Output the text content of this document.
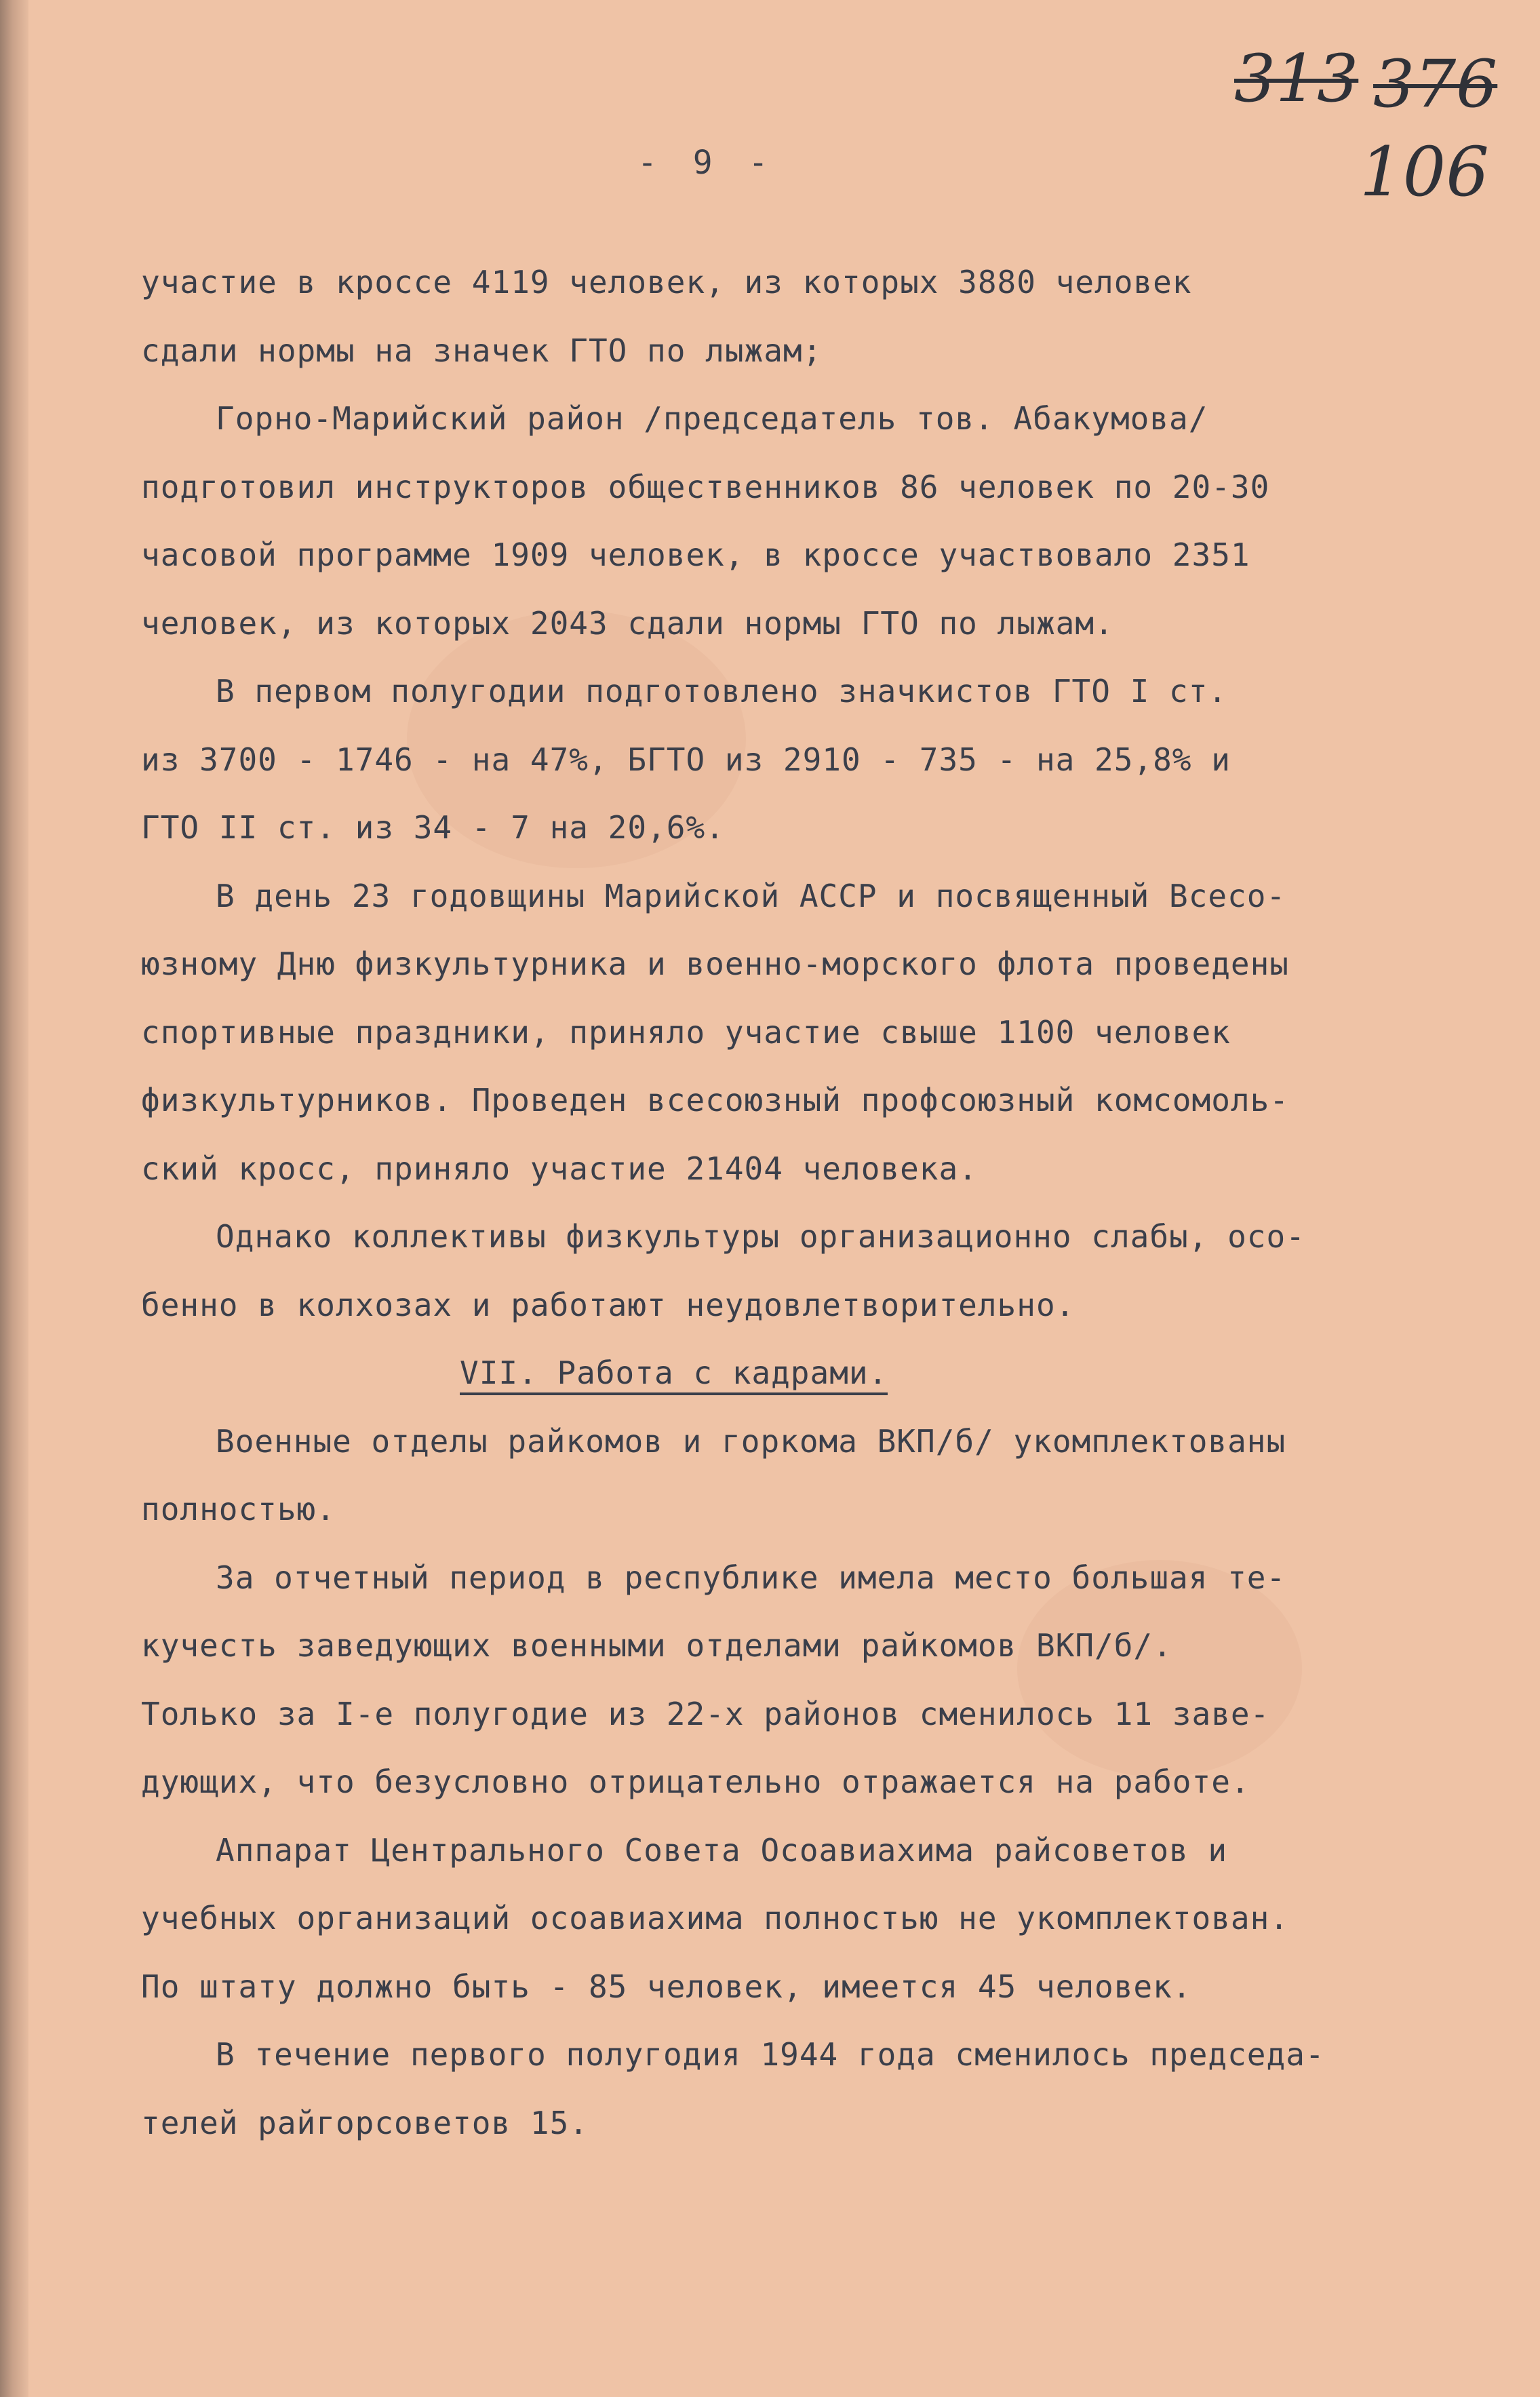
313 376
106
- 9 -

участие в кроссе 4119 человек, из которых 3880 человек

сдали нормы на значек ГТО по лыжам;

Горно-Марийский район /председатель тов. Абакумова/

подготовил инструкторов общественников 86 человек по 20-30

часовой программе 1909 человек, в кроссе участвовало 2351

человек, из которых 2043 сдали нормы ГТО по лыжам.

В первом полугодии подготовлено значкистов ГТО I ст.

из 3700 - 1746 - на 47%, БГТО из 2910 - 735 - на 25,8% и

ГТО II ст. из 34 - 7 на 20,6%.

В день 23 годовщины Марийской АССР и посвященный Всесо-

юзному Дню физкультурника и военно-морского флота проведены

спортивные праздники, приняло участие свыше 1100 человек

физкультурников. Проведен всесоюзный профсоюзный комсомоль-

ский кросс, приняло участие 21404 человека.

Однако коллективы физкультуры организационно слабы, осо-

бенно в колхозах и работают неудовлетворительно.

VII. Работа с кадрами.

Военные отделы райкомов и горкома ВКП/б/ укомплектованы

полностью.

За отчетный период в республике имела место большая те-

кучесть заведующих военными отделами райкомов ВКП/б/.

Только за I-е полугодие из 22-х районов сменилось 11 заве-

дующих, что безусловно отрицательно отражается на работе.

Аппарат Центрального Совета Осоавиахима райсоветов и

учебных организаций осоавиахима полностью не укомплектован.

По штату должно быть - 85 человек, имеется 45 человек.

В течение первого полугодия 1944 года сменилось председа-

телей райгорсоветов 15.
